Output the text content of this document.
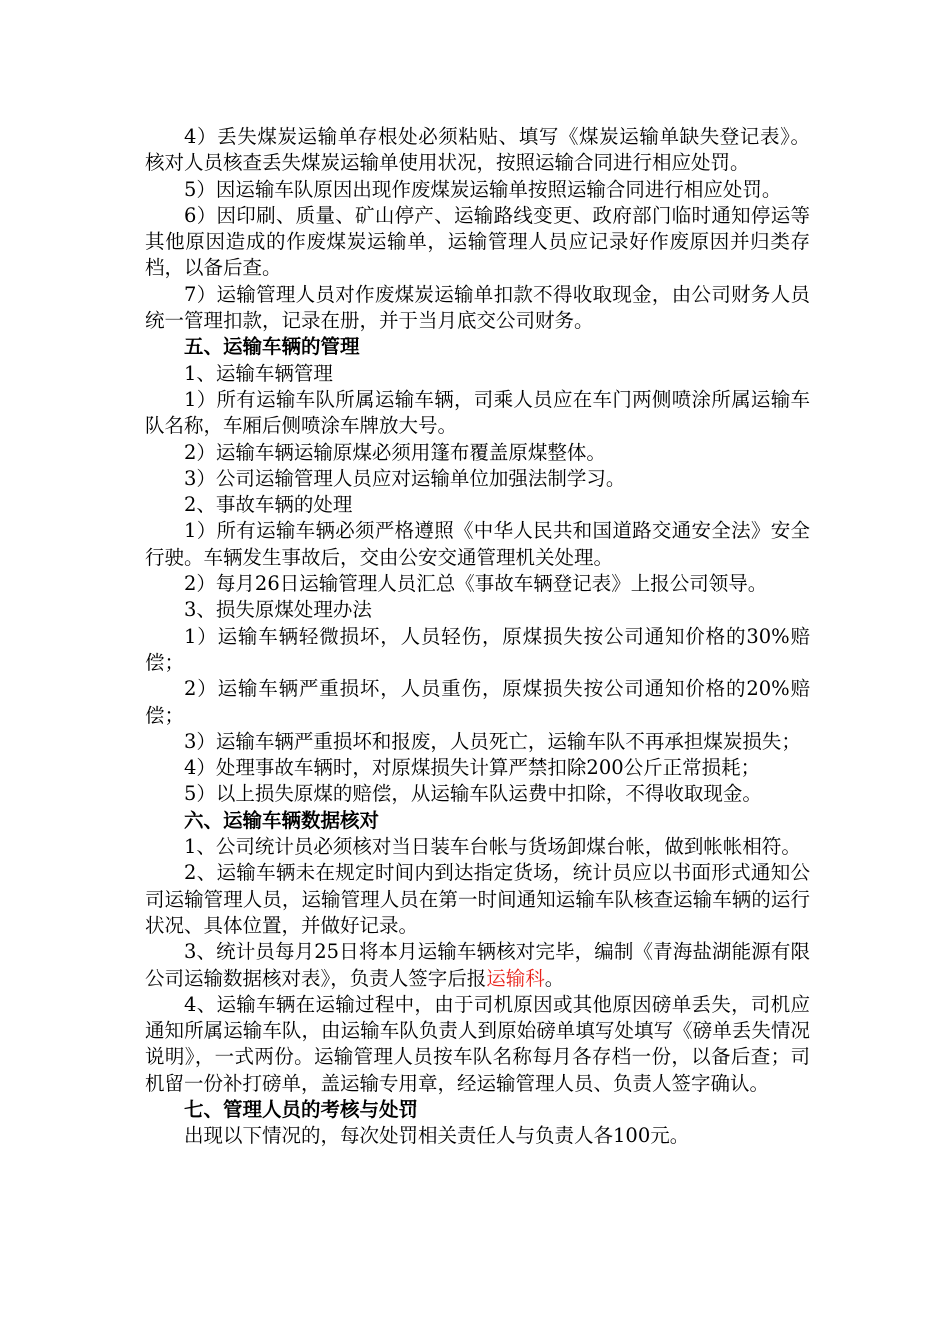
4）丢失煤炭运输单存根处必须粘贴、填写《煤炭运输单缺失登记表》。核对人员核查丢失煤炭运输单使用状况，按照运输合同进行相应处罚。

5）因运输车队原因出现作废煤炭运输单按照运输合同进行相应处罚。

6）因印刷、质量、矿山停产、运输路线变更、政府部门临时通知停运等其他原因造成的作废煤炭运输单，运输管理人员应记录好作废原因并归类存档，以备后查。

7）运输管理人员对作废煤炭运输单扣款不得收取现金，由公司财务人员统一管理扣款，记录在册，并于当月底交公司财务。

五、运输车辆的管理

1、运输车辆管理

1）所有运输车队所属运输车辆，司乘人员应在车门两侧喷涂所属运输车队名称，车厢后侧喷涂车牌放大号。

2）运输车辆运输原煤必须用篷布覆盖原煤整体。

3）公司运输管理人员应对运输单位加强法制学习。

2、事故车辆的处理

1）所有运输车辆必须严格遵照《中华人民共和国道路交通安全法》安全行驶。车辆发生事故后，交由公安交通管理机关处理。

2）每月26日运输管理人员汇总《事故车辆登记表》上报公司领导。

3、损失原煤处理办法

1）运输车辆轻微损坏，人员轻伤，原煤损失按公司通知价格的30%赔偿；

2）运输车辆严重损坏，人员重伤，原煤损失按公司通知价格的20%赔偿；

3）运输车辆严重损坏和报废，人员死亡，运输车队不再承担煤炭损失；

4）处理事故车辆时，对原煤损失计算严禁扣除200公斤正常损耗；

5）以上损失原煤的赔偿，从运输车队运费中扣除，不得收取现金。

六、运输车辆数据核对

1、公司统计员必须核对当日装车台帐与货场卸煤台帐，做到帐帐相符。

2、运输车辆未在规定时间内到达指定货场，统计员应以书面形式通知公司运输管理人员，运输管理人员在第一时间通知运输车队核查运输车辆的运行状况、具体位置，并做好记录。

3、统计员每月25日将本月运输车辆核对完毕，编制《青海盐湖能源有限公司运输数据核对表》，负责人签字后报运输科。

4、运输车辆在运输过程中，由于司机原因或其他原因磅单丢失，司机应通知所属运输车队，由运输车队负责人到原始磅单填写处填写《磅单丢失情况说明》，一式两份。运输管理人员按车队名称每月各存档一份，以备后查；司机留一份补打磅单，盖运输专用章，经运输管理人员、负责人签字确认。

七、管理人员的考核与处罚

出现以下情况的，每次处罚相关责任人与负责人各100元。
